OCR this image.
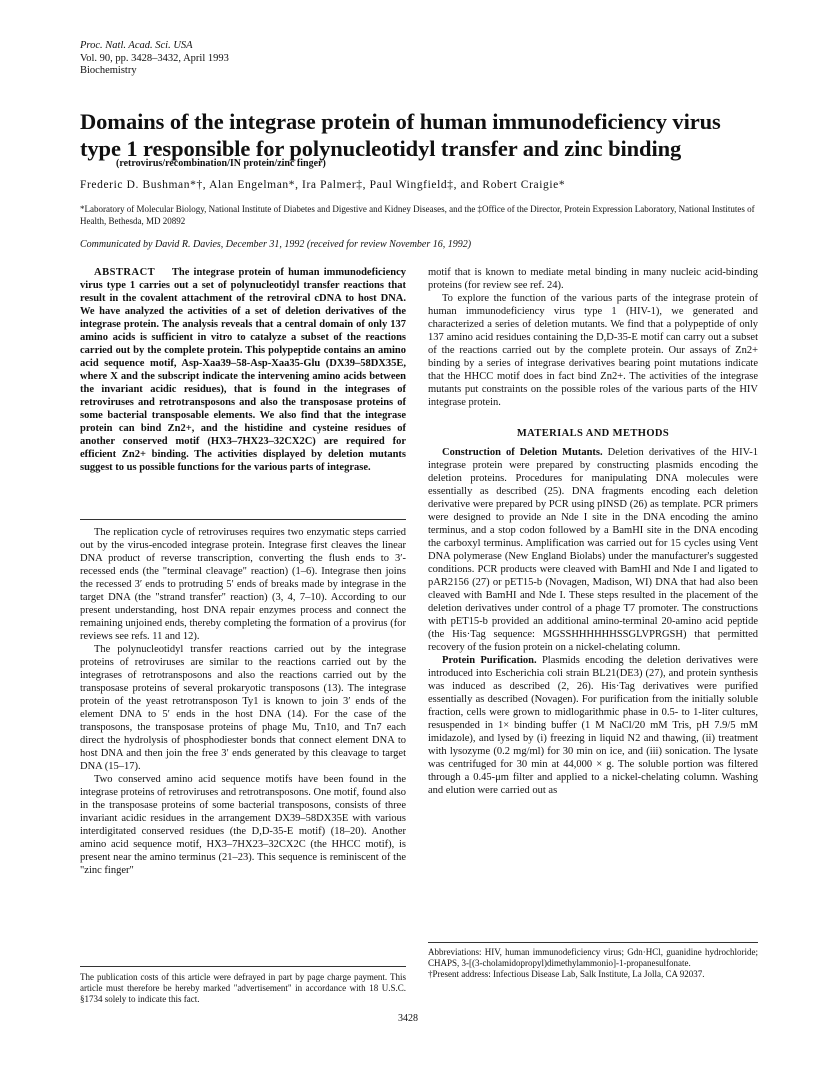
Proc. Natl. Acad. Sci. USA
Vol. 90, pp. 3428–3432, April 1993
Biochemistry
Domains of the integrase protein of human immunodeficiency virus type 1 responsible for polynucleotidyl transfer and zinc binding
(retrovirus/recombination/IN protein/zinc finger)
Frederic D. Bushman*†, Alan Engelman*, Ira Palmer‡, Paul Wingfield‡, and Robert Craigie*
*Laboratory of Molecular Biology, National Institute of Diabetes and Digestive and Kidney Diseases, and the ‡Office of the Director, Protein Expression Laboratory, National Institutes of Health, Bethesda, MD 20892
Communicated by David R. Davies, December 31, 1992 (received for review November 16, 1992)

ABSTRACT The integrase protein of human immunodeficiency virus type 1 carries out a set of polynucleotidyl transfer reactions that result in the covalent attachment of the retroviral cDNA to host DNA. We have analyzed the activities of a set of deletion derivatives of the integrase protein. The analysis reveals that a central domain of only 137 amino acids is sufficient in vitro to catalyze a subset of the reactions carried out by the complete protein. This polypeptide contains an amino acid sequence motif, Asp-Xaa39–58-Asp-Xaa35-Glu (DX39–58DX35E, where X and the subscript indicate the intervening amino acids between the invariant acidic residues), that is found in the integrases of retroviruses and retrotransposons and also the transposase proteins of some bacterial transposable elements. We also find that the integrase protein can bind Zn2+, and the histidine and cysteine residues of another conserved motif (HX3–7HX23–32CX2C) are required for efficient Zn2+ binding. The activities displayed by deletion mutants suggest to us possible functions for the various parts of integrase.

The replication cycle of retroviruses requires two enzymatic steps carried out by the virus-encoded integrase protein. Integrase first cleaves the linear DNA product of reverse transcription, converting the flush ends to 3′-recessed ends (the "terminal cleavage" reaction) (1–6). Integrase then joins the recessed 3′ ends to protruding 5′ ends of breaks made by integrase in the target DNA (the "strand transfer" reaction) (3, 4, 7–10). According to our present understanding, host DNA repair enzymes process and connect the remaining unjoined ends, thereby completing the formation of a provirus (for reviews see refs. 11 and 12).

The polynucleotidyl transfer reactions carried out by the integrase proteins of retroviruses are similar to the reactions carried out by the integrases of retrotransposons and also the reactions carried out by the transposase proteins of several prokaryotic transposons (13). The integrase protein of the yeast retrotransposon Ty1 is known to join 3′ ends of the element DNA to 5′ ends in the host DNA (14). For the case of the transposons, the transposase proteins of phage Mu, Tn10, and Tn7 each direct the hydrolysis of phosphodiester bonds that connect element DNA to host DNA and then join the free 3′ ends generated by this cleavage to target DNA (15–17).

Two conserved amino acid sequence motifs have been found in the integrase proteins of retroviruses and retrotransposons. One motif, found also in the transposase proteins of some bacterial transposons, consists of three invariant acidic residues in the arrangement DX39–58DX35E with various interdigitated conserved residues (the D,D-35-E motif) (18–20). Another amino acid sequence motif, HX3–7HX23–32CX2C (the HHCC motif), is present near the amino terminus (21–23). This sequence is reminiscent of the "zinc finger"

The publication costs of this article were defrayed in part by page charge payment. This article must therefore be hereby marked "advertisement" in accordance with 18 U.S.C. §1734 solely to indicate this fact.

motif that is known to mediate metal binding in many nucleic acid-binding proteins (for review see ref. 24).

To explore the function of the various parts of the integrase protein of human immunodeficiency virus type 1 (HIV-1), we generated and characterized a series of deletion mutants. We find that a polypeptide of only 137 amino acid residues containing the D,D-35-E motif can carry out a subset of the reactions carried out by the complete protein. Our assays of Zn2+ binding by a series of integrase derivatives bearing point mutations indicate that the HHCC motif does in fact bind Zn2+. The activities of the integrase mutants put constraints on the possible roles of the various parts of the HIV integrase protein.

MATERIALS AND METHODS

Construction of Deletion Mutants. Deletion derivatives of the HIV-1 integrase protein were prepared by constructing plasmids encoding the deletion proteins. Procedures for manipulating DNA molecules were essentially as described (25). DNA fragments encoding each deletion derivative were prepared by PCR using pINSD (26) as template. PCR primers were designed to provide an Nde I site in the DNA encoding the amino terminus, and a stop codon followed by a BamHI site in the DNA encoding the carboxyl terminus. Amplification was carried out for 15 cycles using Vent DNA polymerase (New England Biolabs) under the manufacturer's suggested conditions. PCR products were cleaved with BamHI and Nde I and ligated to pAR2156 (27) or pET15-b (Novagen, Madison, WI) DNA that had also been cleaved with BamHI and Nde I. These steps resulted in the placement of the deletion derivatives under control of a phage T7 promoter. The constructions with pET15-b provided an additional amino-terminal 20-amino acid peptide (the His·Tag sequence: MGSSHHHHHHSSGLVPRGSH) that permitted recovery of the fusion protein on a nickel-chelating column.

Protein Purification. Plasmids encoding the deletion derivatives were introduced into Escherichia coli strain BL21(DE3) (27), and protein synthesis was induced as described (2, 26). His·Tag derivatives were purified essentially as described (Novagen). For purification from the initially soluble fraction, cells were grown to midlogarithmic phase in 0.5- to 1-liter cultures, resuspended in 1× binding buffer (1 M NaCl/20 mM Tris, pH 7.9/5 mM imidazole), and lysed by (i) freezing in liquid N2 and thawing, (ii) treatment with lysozyme (0.2 mg/ml) for 30 min on ice, and (iii) sonication. The lysate was centrifuged for 30 min at 44,000 × g. The soluble portion was filtered through a 0.45-μm filter and applied to a nickel-chelating column. Washing and elution were carried out as

Abbreviations: HIV, human immunodeficiency virus; Gdn·HCl, guanidine hydrochloride; CHAPS, 3-[(3-cholamidopropyl)dimethylammonio]-1-propanesulfonate.
†Present address: Infectious Disease Lab, Salk Institute, La Jolla, CA 92037.
3428
